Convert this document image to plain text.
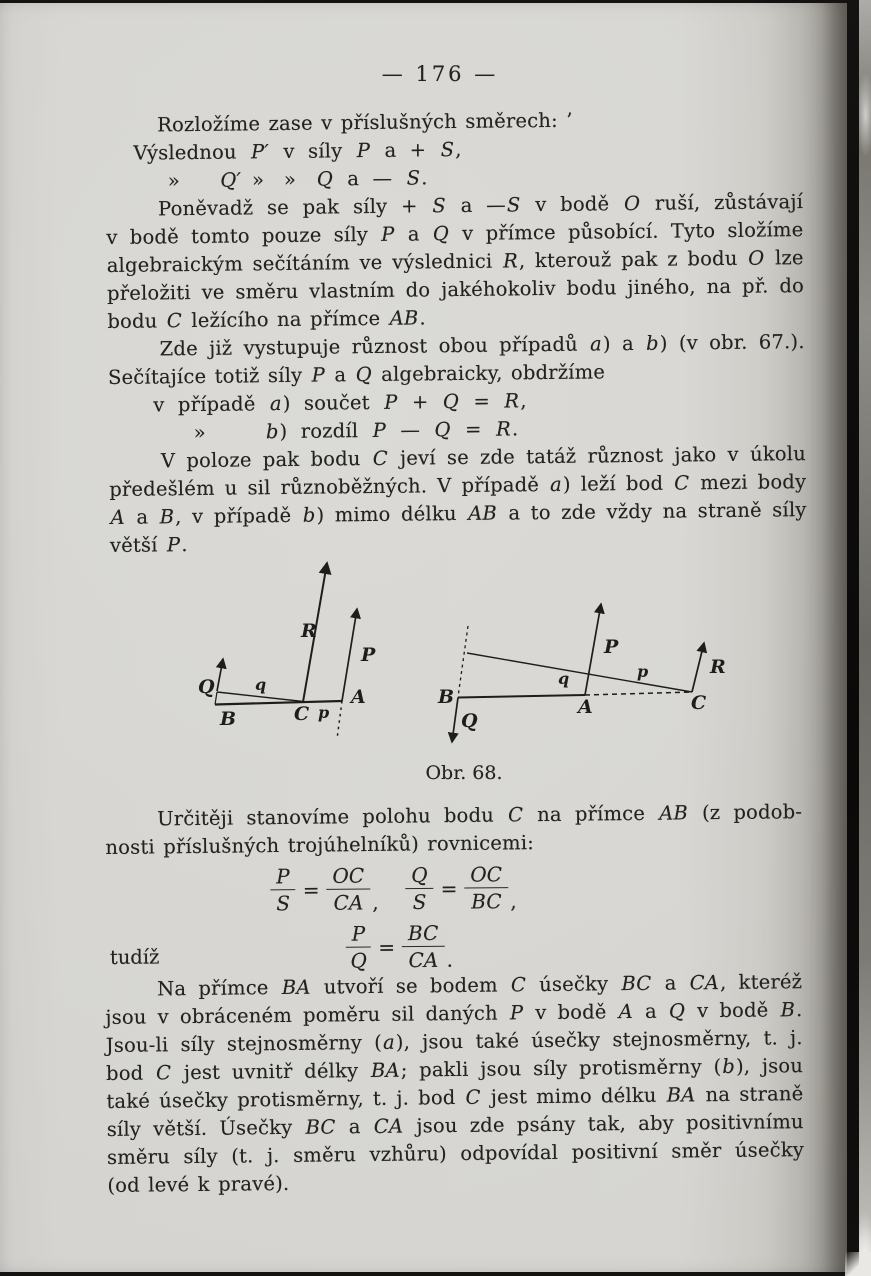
— 176 —
Rozložíme zase v příslušných směrech: ’
Výslednou P′ v síly P a + S,
»  Q′ » » Q a — S.
Poněvadž se pak síly + S a —S v bodě O ruší, zůstávají
v bodě tomto pouze síly P a Q v přímce působící. Tyto složíme
algebraickým sečítáním ve výslednici R, kterouž pak z bodu O lze
přeložiti ve směru vlastním do jakéhokoliv bodu jiného, na př. do
bodu C ležícího na přímce AB.
Zde již vystupuje různost obou případů a) a b) (v obr. 67.).
Sečítajíce totiž síly P a Q algebraicky, obdržíme
v případě a) součet P + Q = R,
»   b) rozdíl P — Q = R.
V poloze pak bodu C jeví se zde tatáž různost jako v úkolu
předešlém u sil různoběžných. V případě a) leží bod C mezi body
A a B, v případě b) mimo délku AB a to zde vždy na straně síly
větší P.
R
P
Q
B	C
A
q
p
B
Q
A	C
P
R
q	p
Obr. 68.
Určitěji stanovíme polohu bodu C na přímce AB (z podob-
nosti příslušných trojúhelníků) rovnicemi:
$\frac{P}{S} = \frac{OC}{CA}$ , $\frac{Q}{S} = \frac{OC}{BC}$ ,
tudíž	$\frac{P}{Q} = \frac{BC}{CA}$ .
Na přímce BA utvoří se bodem C úsečky BC a CA, kteréž
jsou v obráceném poměru sil daných P v bodě A a Q v bodě B.
Jsou-li síly stejnosměrny (a), jsou také úsečky stejnosměrny, t. j.
bod C jest uvnitř délky BA; pakli jsou síly protisměrny (b), jsou
také úsečky protisměrny, t. j. bod C jest mimo délku BA na straně
síly větší. Úsečky BC a CA jsou zde psány tak, aby positivnímu
směru síly (t. j. směru vzhůru) odpovídal positivní směr úsečky
(od levé k pravé).
